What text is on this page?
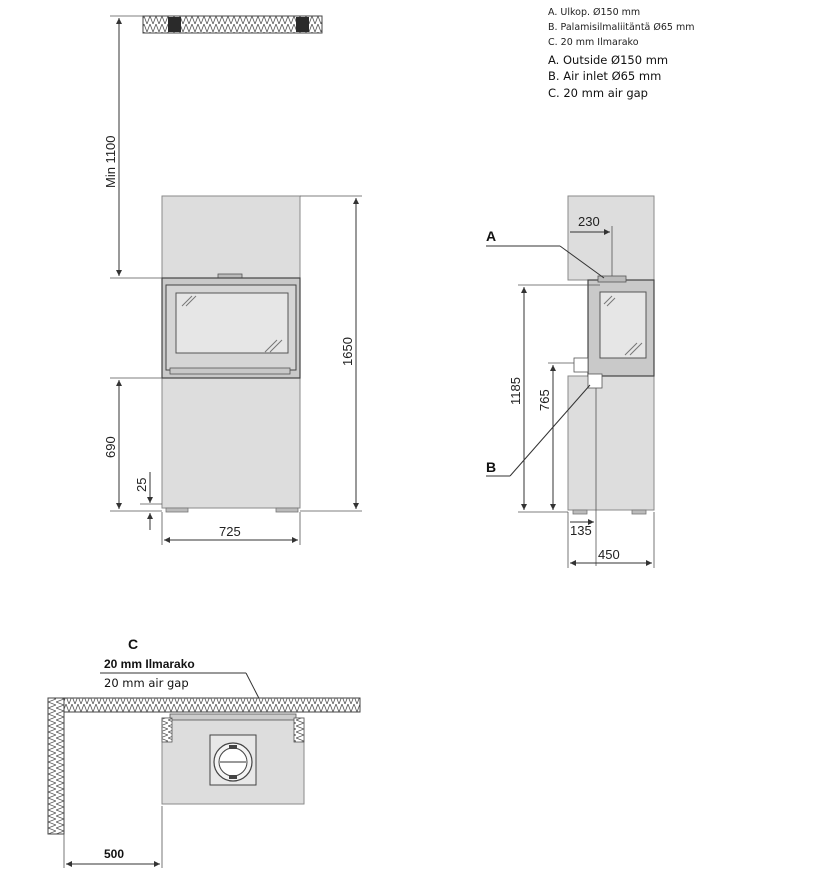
A. Ulkop. Ø150 mm
B. Palamisilmaliitäntä Ø65 mm
C. 20 mm Ilmarako
A. Outside Ø150 mm
B. Air inlet Ø65 mm
C. 20 mm air gap
Min 1100
1650
690
25
725
A
B
230
1185 765
135
450
C
20 mm Ilmarako
20 mm air gap
500
